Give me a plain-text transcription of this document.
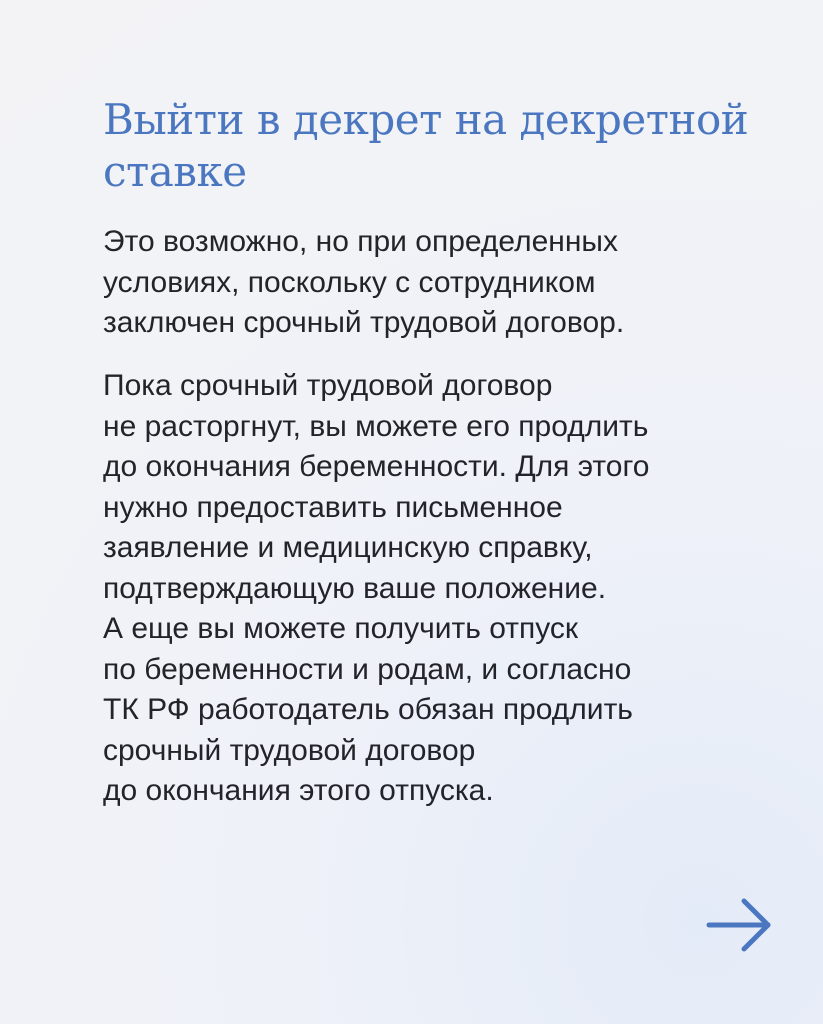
Выйти в декрет на декретной
ставке

Это возможно, но при определенных
условиях, поскольку с сотрудником
заключен срочный трудовой договор.

Пока срочный трудовой договор
не расторгнут, вы можете его продлить
до окончания беременности. Для этого
нужно предоставить письменное
заявление и медицинскую справку,
подтверждающую ваше положение.
А еще вы можете получить отпуск
по беременности и родам, и согласно
ТК РФ работодатель обязан продлить
срочный трудовой договор
до окончания этого отпуска.
